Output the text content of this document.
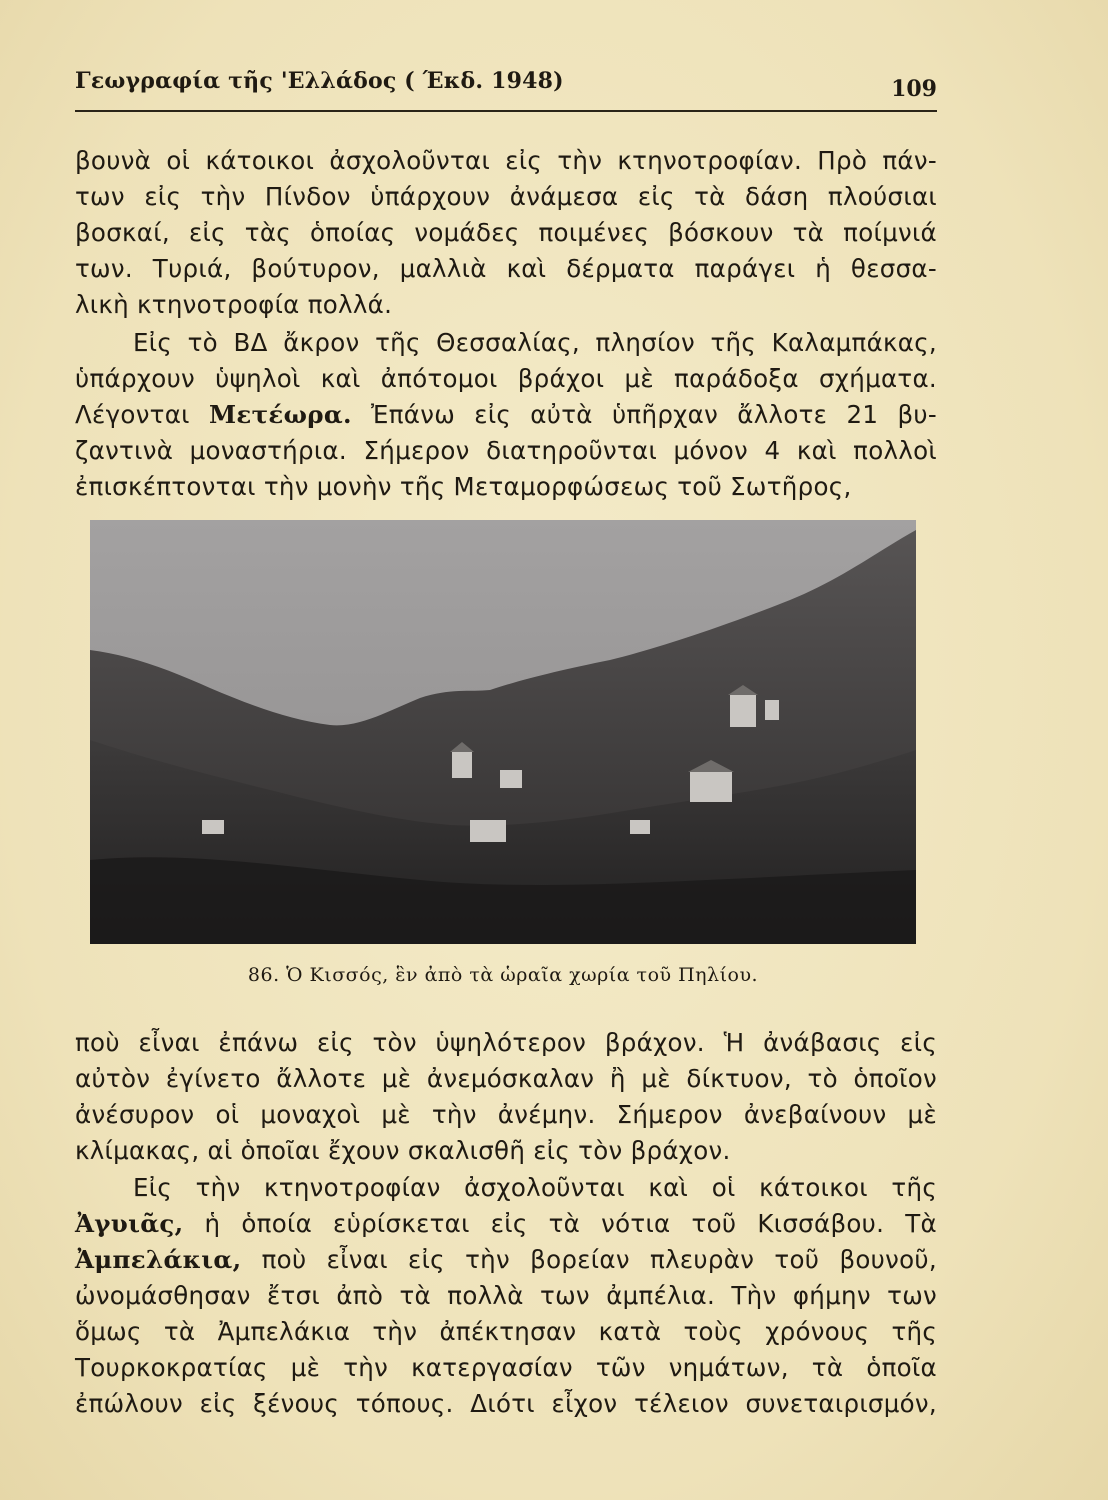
Γεωγραφία τῆς 'Ελλάδος ( Έκδ. 1948)	109
βουνὰ οἱ κάτοικοι ἀσχολοῦνται εἰς τὴν κτηνοτροφίαν. Πρὸ πάν-
των εἰς τὴν Πίνδον ὑπάρχουν ἀνάμεσα εἰς τὰ δάση πλούσιαι
βοσκαί, εἰς τὰς ὁποίας νομάδες ποιμένες βόσκουν τὰ ποίμνιά
των. Τυριά, βούτυρον, μαλλιὰ καὶ δέρματα παράγει ἡ θεσσα-
λικὴ κτηνοτροφία πολλά.
Εἰς τὸ ΒΔ ἄκρον τῆς Θεσσαλίας, πλησίον τῆς Καλαμπάκας,
ὑπάρχουν ὑψηλοὶ καὶ ἀπότομοι βράχοι μὲ παράδοξα σχήματα.
Λέγονται Μετέωρα. Ἐπάνω εἰς αὐτὰ ὑπῆρχαν ἄλλοτε 21 βυ-
ζαντινὰ μοναστήρια. Σήμερον διατηροῦνται μόνον 4 καὶ πολλοὶ
ἐπισκέπτονται τὴν μονὴν τῆς Μεταμορφώσεως τοῦ Σωτῆρος,
86. Ὁ Κισσός, ἓν ἀπὸ τὰ ὡραῖα χωρία τοῦ Πηλίου.
ποὺ εἶναι ἐπάνω εἰς τὸν ὑψηλότερον βράχον. Ἡ ἀνάβασις εἰς
αὐτὸν ἐγίνετο ἄλλοτε μὲ ἀνεμόσκαλαν ἢ μὲ δίκτυον, τὸ ὁποῖον
ἀνέσυρον οἱ μοναχοὶ μὲ τὴν ἀνέμην. Σήμερον ἀνεβαίνουν μὲ
κλίμακας, αἱ ὁποῖαι ἔχουν σκαλισθῆ εἰς τὸν βράχον.
Εἰς τὴν κτηνοτροφίαν ἀσχολοῦνται καὶ οἱ κάτοικοι τῆς
Ἀγυιᾶς, ἡ ὁποία εὑρίσκεται εἰς τὰ νότια τοῦ Κισσάβου. Τὰ
Ἀμπελάκια, ποὺ εἶναι εἰς τὴν βορείαν πλευρὰν τοῦ βουνοῦ,
ὠνομάσθησαν ἔτσι ἀπὸ τὰ πολλὰ των ἀμπέλια. Τὴν φήμην των
ὅμως τὰ Ἀμπελάκια τὴν ἀπέκτησαν κατὰ τοὺς χρόνους τῆς
Τουρκοκρατίας μὲ τὴν κατεργασίαν τῶν νημάτων, τὰ ὁποῖα
ἐπώλουν εἰς ξένους τόπους. Διότι εἶχον τέλειον συνεταιρισμόν,
